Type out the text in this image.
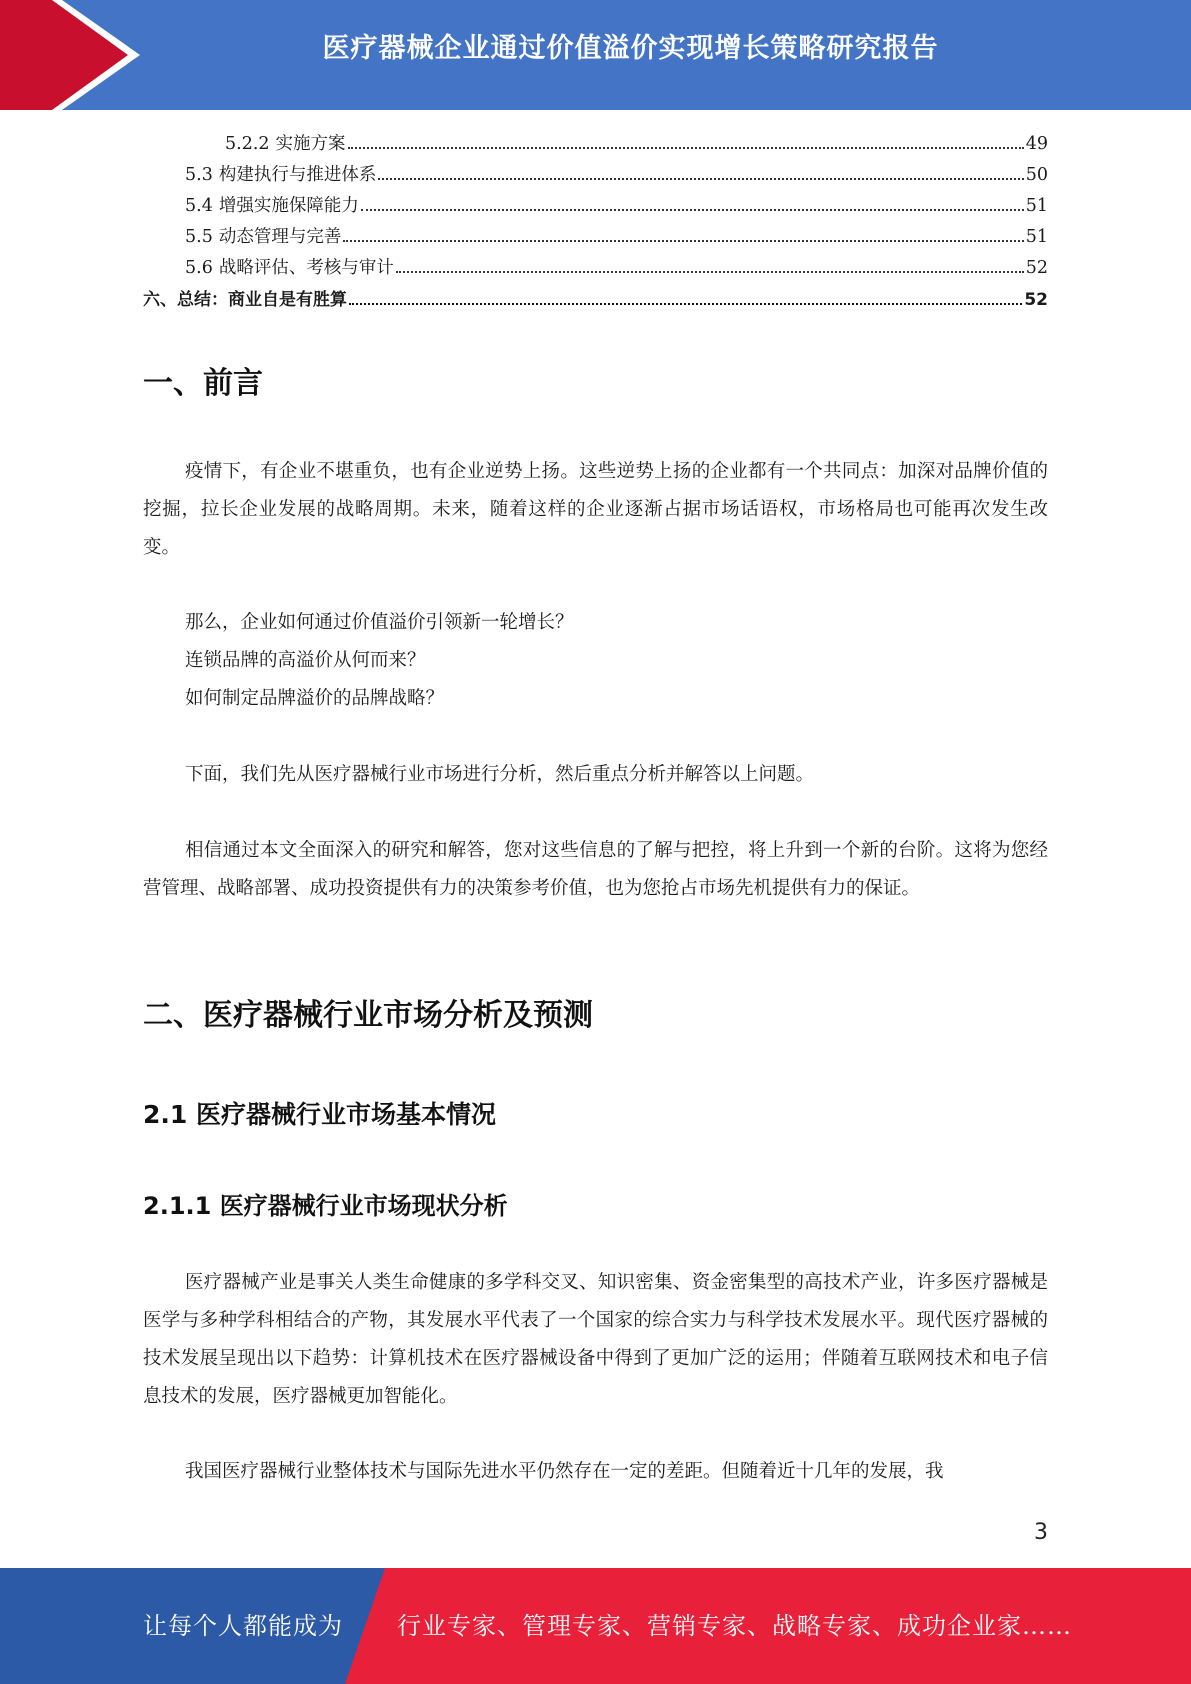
医疗器械企业通过价值溢价实现增长策略研究报告
5.2.2 实施方案	49
5.3 构建执行与推进体系	50
5.4 增强实施保障能力	51
5.5 动态管理与完善	51
5.6 战略评估、考核与审计	52
六、总结：商业自是有胜算	52
一、前言

疫情下，有企业不堪重负，也有企业逆势上扬。这些逆势上扬的企业都有一个共同点：加深对品牌价值的挖掘，拉长企业发展的战略周期。未来，随着这样的企业逐渐占据市场话语权，市场格局也可能再次发生改变。

那么，企业如何通过价值溢价引领新一轮增长？
连锁品牌的高溢价从何而来？
如何制定品牌溢价的品牌战略？

下面，我们先从医疗器械行业市场进行分析，然后重点分析并解答以上问题。

相信通过本文全面深入的研究和解答，您对这些信息的了解与把控，将上升到一个新的台阶。这将为您经营管理、战略部署、成功投资提供有力的决策参考价值，也为您抢占市场先机提供有力的保证。

二、医疗器械行业市场分析及预测
2.1 医疗器械行业市场基本情况
2.1.1 医疗器械行业市场现状分析

医疗器械产业是事关人类生命健康的多学科交叉、知识密集、资金密集型的高技术产业，许多医疗器械是医学与多种学科相结合的产物，其发展水平代表了一个国家的综合实力与科学技术发展水平。现代医疗器械的技术发展呈现出以下趋势：计算机技术在医疗器械设备中得到了更加广泛的运用；伴随着互联网技术和电子信息技术的发展，医疗器械更加智能化。

我国医疗器械行业整体技术与国际先进水平仍然存在一定的差距。但随着近十几年的发展，我

3
让每个人都能成为 行业专家、管理专家、营销专家、战略专家、成功企业家……
